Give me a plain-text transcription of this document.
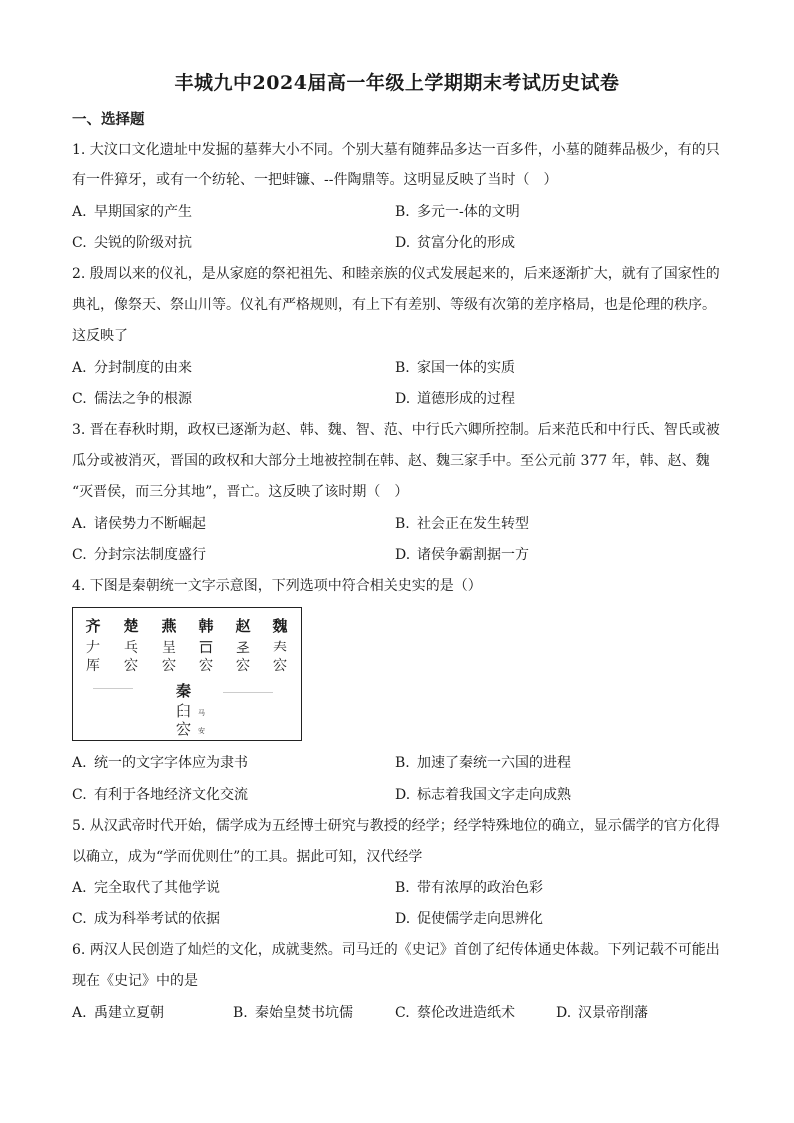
丰城九中2024届高一年级上学期期末考试历史试卷
一、选择题
1. 大汶口文化遗址中发掘的墓葬大小不同。个别大墓有随葬品多达一百多件，小墓的随葬品极少，有的只
有一件獐牙，或有一个纺轮、一把蚌镰、--件陶鼎等。这明显反映了当时（　）
A. 早期国家的产生	B. 多元一-体的文明
C. 尖锐的阶级对抗	D. 贫富分化的形成
2. 殷周以来的仪礼，是从家庭的祭祀祖先、和睦亲族的仪式发展起来的，后来逐渐扩大，就有了国家性的
典礼，像祭天、祭山川等。仪礼有严格规则，有上下有差别、等级有次第的差序格局，也是伦理的秩序。
这反映了
A. 分封制度的由来	B. 家国一体的实质
C. 儒法之争的根源	D. 道德形成的过程
3. 晋在春秋时期，政权已逐渐为赵、韩、魏、智、范、中行氏六卿所控制。后来范氏和中行氏、智氏或被
瓜分或被消灭，晋国的政权和大部分土地被控制在韩、赵、魏三家手中。至公元前 377 年，韩、赵、魏
“灭晋侯，而三分其地”，晋亡。这反映了该时期（　）
A. 诸侯势力不断崛起	B. 社会正在发生转型
C. 分封宗法制度盛行	D. 诸侯争霸割据一方
4. 下图是秦朝统一文字示意图，下列选项中符合相关史实的是（）
齐	楚	燕	韩	赵	魏
𠂇	乓	呈	𠮛	𢀖	𡗗
厍	㝐	㝐	㝐	㝐	㝐
秦
𦥑
㝐
马
安
A. 统一的文字字体应为隶书	B. 加速了秦统一六国的进程
C. 有利于各地经济文化交流	D. 标志着我国文字走向成熟
5. 从汉武帝时代开始，儒学成为五经博士研究与教授的经学；经学特殊地位的确立，显示儒学的官方化得
以确立，成为“学而优则仕”的工具。据此可知，汉代经学
A. 完全取代了其他学说	B. 带有浓厚的政治色彩
C. 成为科举考试的依据	D. 促使儒学走向思辨化
6. 两汉人民创造了灿烂的文化，成就斐然。司马迁的《史记》首创了纪传体通史体裁。下列记载不可能出
现在《史记》中的是
A. 禹建立夏朝	B. 秦始皇焚书坑儒	C. 蔡伦改进造纸术	D. 汉景帝削藩
